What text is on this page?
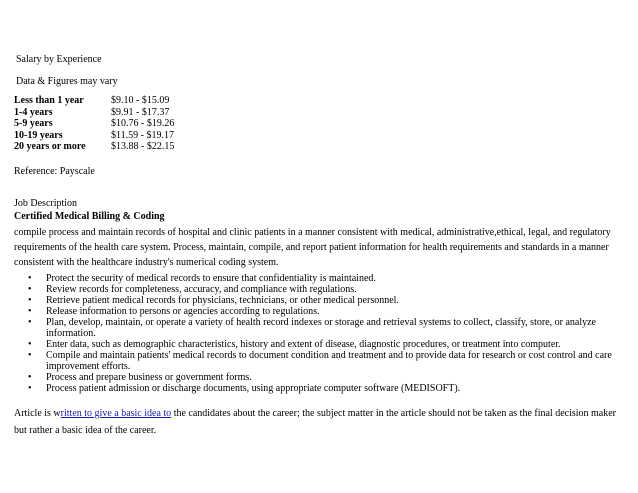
Salary by Experience
Data & Figures may vary
Less than 1 year	$9.10 - $15.09
1-4 years	$9.91 - $17.37
5-9 years	$10.76 - $19.26
10-19 years	$11.59 - $19.17
20 years or more	$13.88 - $22.15
Reference: Payscale
Job Description
Certified Medical Billing & Coding

compile process and maintain records of hospital and clinic patients in a manner consistent with medical, administrative,ethical, legal, and regulatory requirements of the health care system. Process, maintain, compile, and report patient information for health requirements and standards in a manner consistent with the healthcare industry's numerical coding system.

• Protect the security of medical records to ensure that confidentiality is maintained.
• Review records for completeness, accuracy, and compliance with regulations.
• Retrieve patient medical records for physicians, technicians, or other medical personnel.
• Release information to persons or agencies according to regulations.
• Plan, develop, maintain, or operate a variety of health record indexes or storage and retrieval systems to collect, classify, store, or analyze information.
• Enter data, such as demographic characteristics, history and extent of disease, diagnostic procedures, or treatment into computer.
• Compile and maintain patients' medical records to document condition and treatment and to provide data for research or cost control and care improvement efforts.
• Process and prepare business or government forms.
• Process patient admission or discharge documents, using appropriate computer software (MEDISOFT).

Article is written to give a basic idea to the candidates about the career; the subject matter in the article should not be taken as the final decision maker but rather a basic idea of the career.
